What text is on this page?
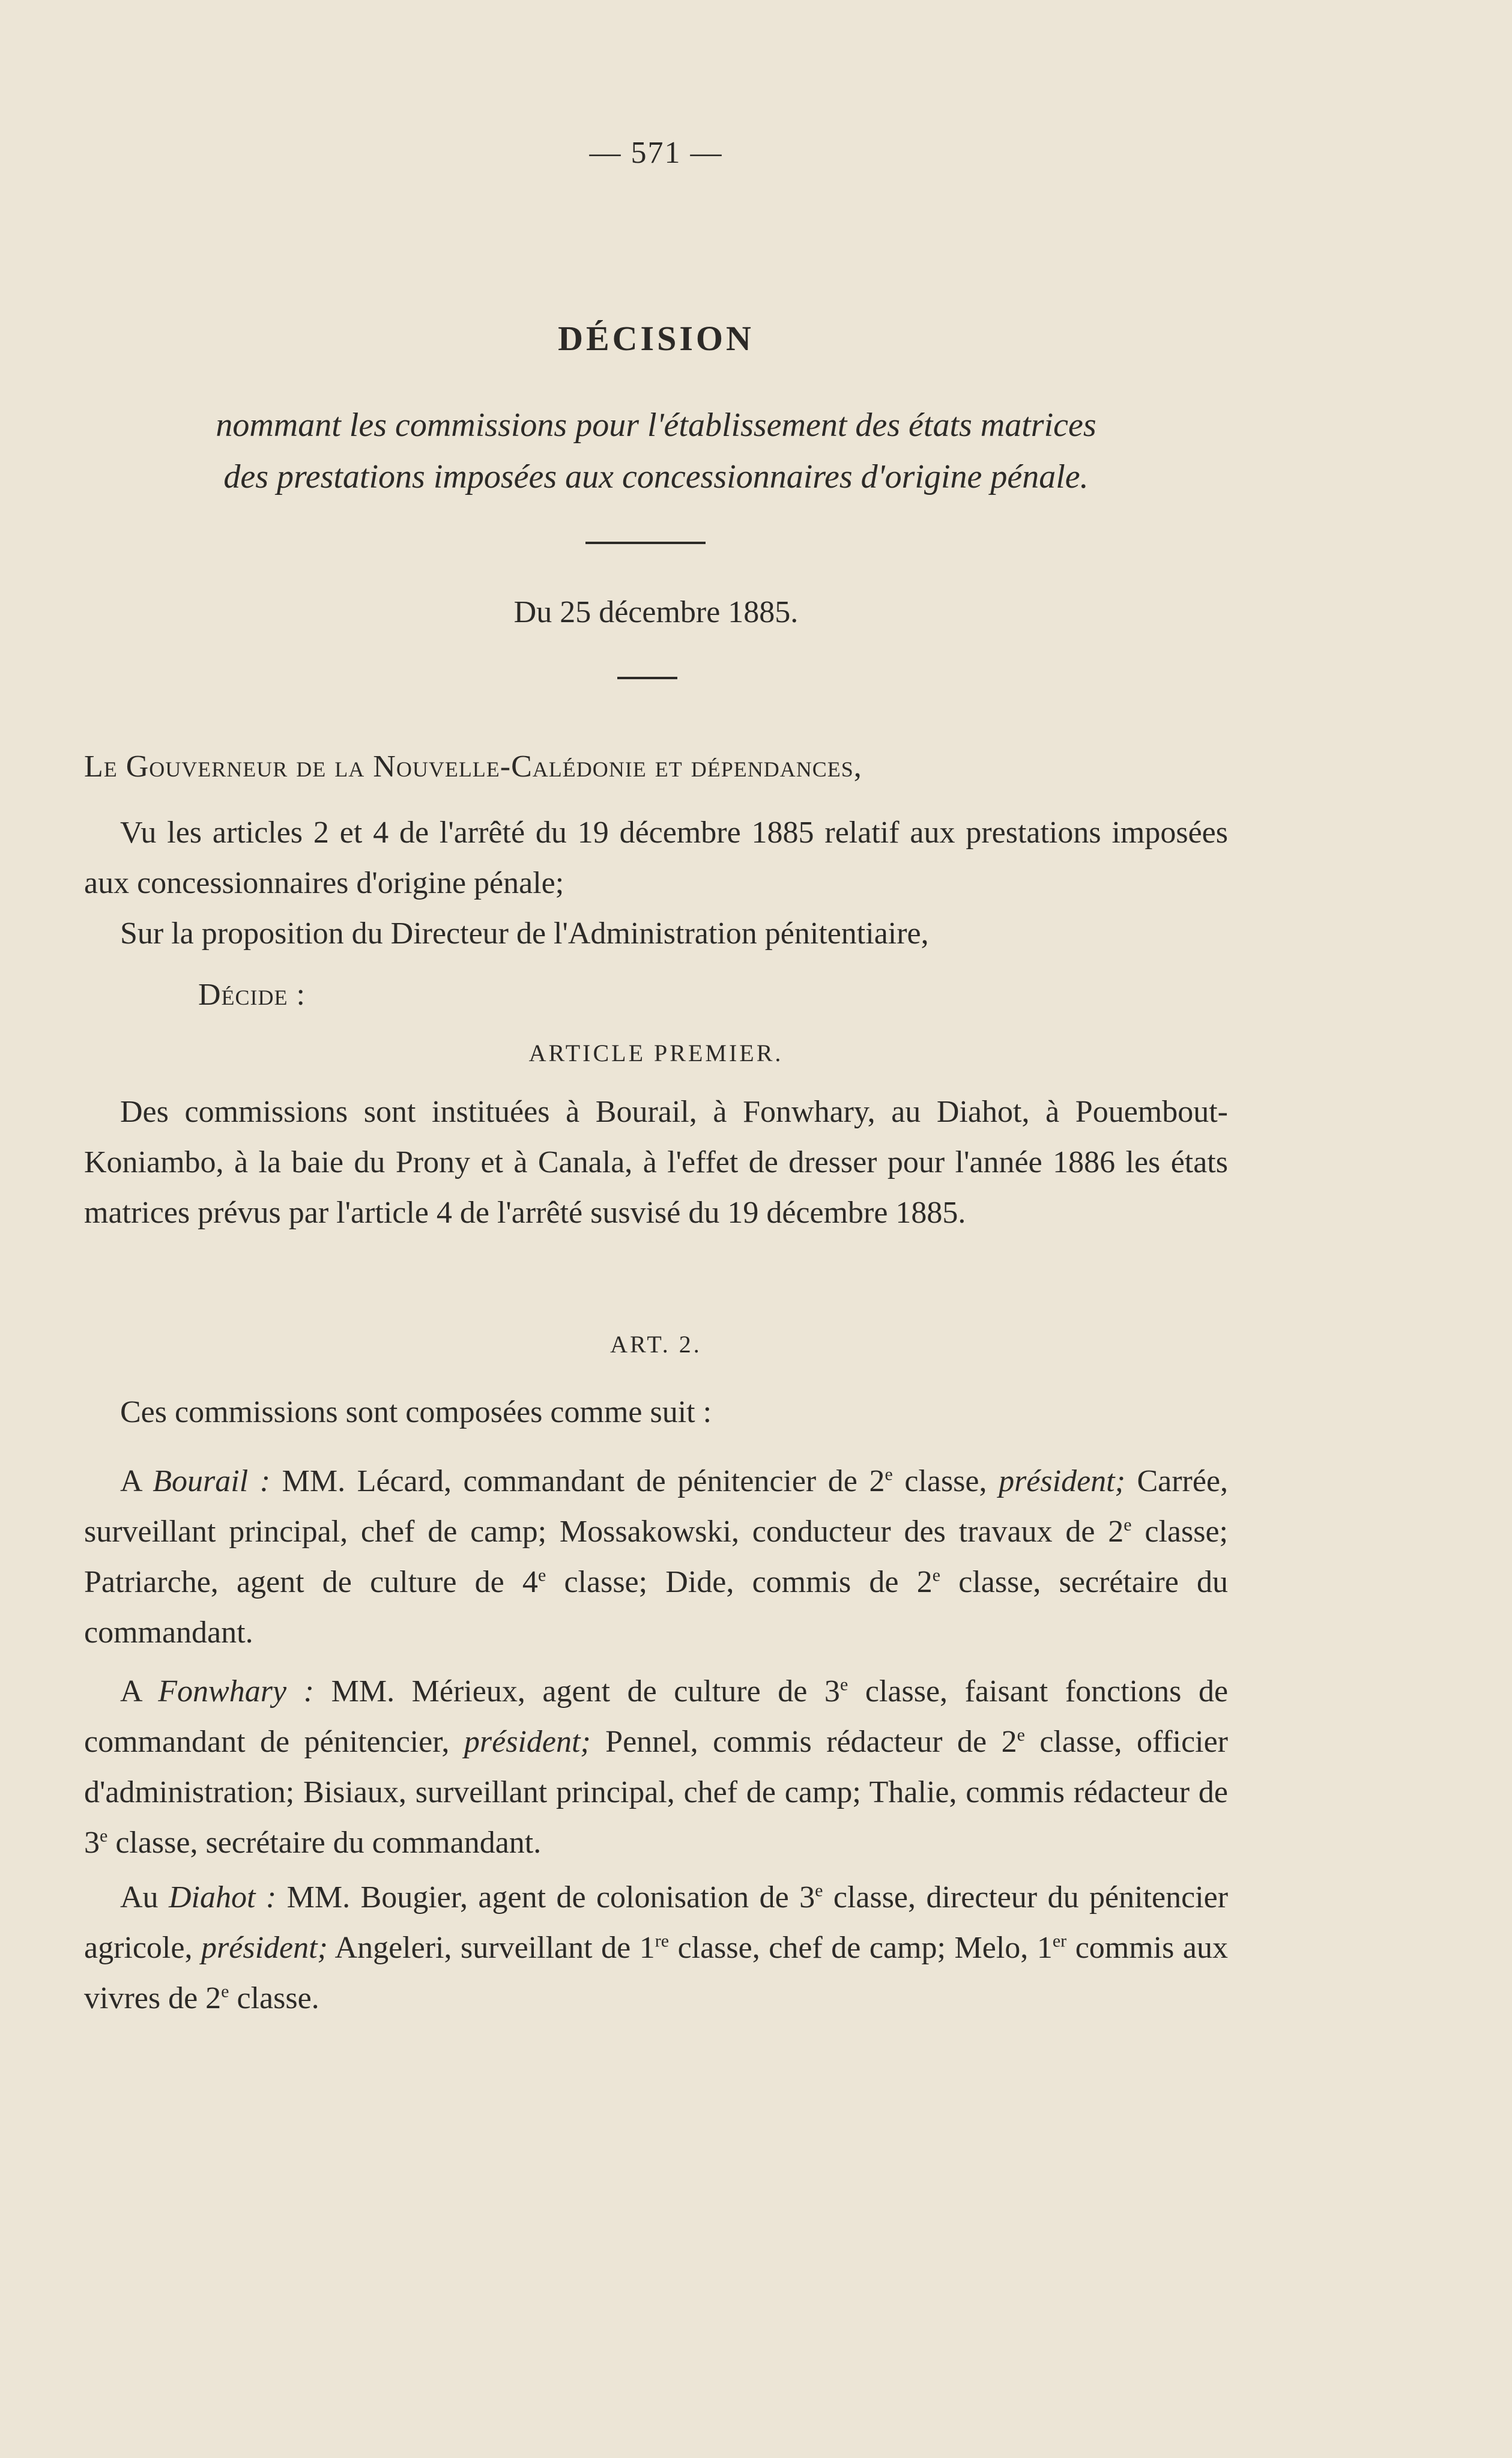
— 571 —
DÉCISION
nommant les commissions pour l'établissement des états matrices
des prestations imposées aux concessionnaires d'origine pénale.
Du 25 décembre 1885.
Le Gouverneur de la Nouvelle-Calédonie et dépendances,
Vu les articles 2 et 4 de l'arrêté du 19 décembre 1885 relatif aux prestations imposées aux concessionnaires d'origine pénale;
Sur la proposition du Directeur de l'Administration pénitentiaire,
Décide :
ARTICLE PREMIER.
Des commissions sont instituées à Bourail, à Fonwhary, au Diahot, à Pouembout-Koniambo, à la baie du Prony et à Canala, à l'effet de dresser pour l'année 1886 les états matrices prévus par l'article 4 de l'arrêté susvisé du 19 décembre 1885.
ART. 2.
Ces commissions sont composées comme suit :
A Bourail : MM. Lécard, commandant de pénitencier de 2e classe, président; Carrée, surveillant principal, chef de camp; Mossakowski, conducteur des travaux de 2e classe; Patriarche, agent de culture de 4e classe; Dide, commis de 2e classe, secrétaire du commandant.
A Fonwhary : MM. Mérieux, agent de culture de 3e classe, faisant fonctions de commandant de pénitencier, président; Pennel, commis rédacteur de 2e classe, officier d'administration; Bisiaux, surveillant principal, chef de camp; Thalie, commis rédacteur de 3e classe, secrétaire du commandant.
Au Diahot : MM. Bougier, agent de colonisation de 3e classe, directeur du pénitencier agricole, président; Angeleri, surveillant de 1re classe, chef de camp; Melo, 1er commis aux vivres de 2e classe.
